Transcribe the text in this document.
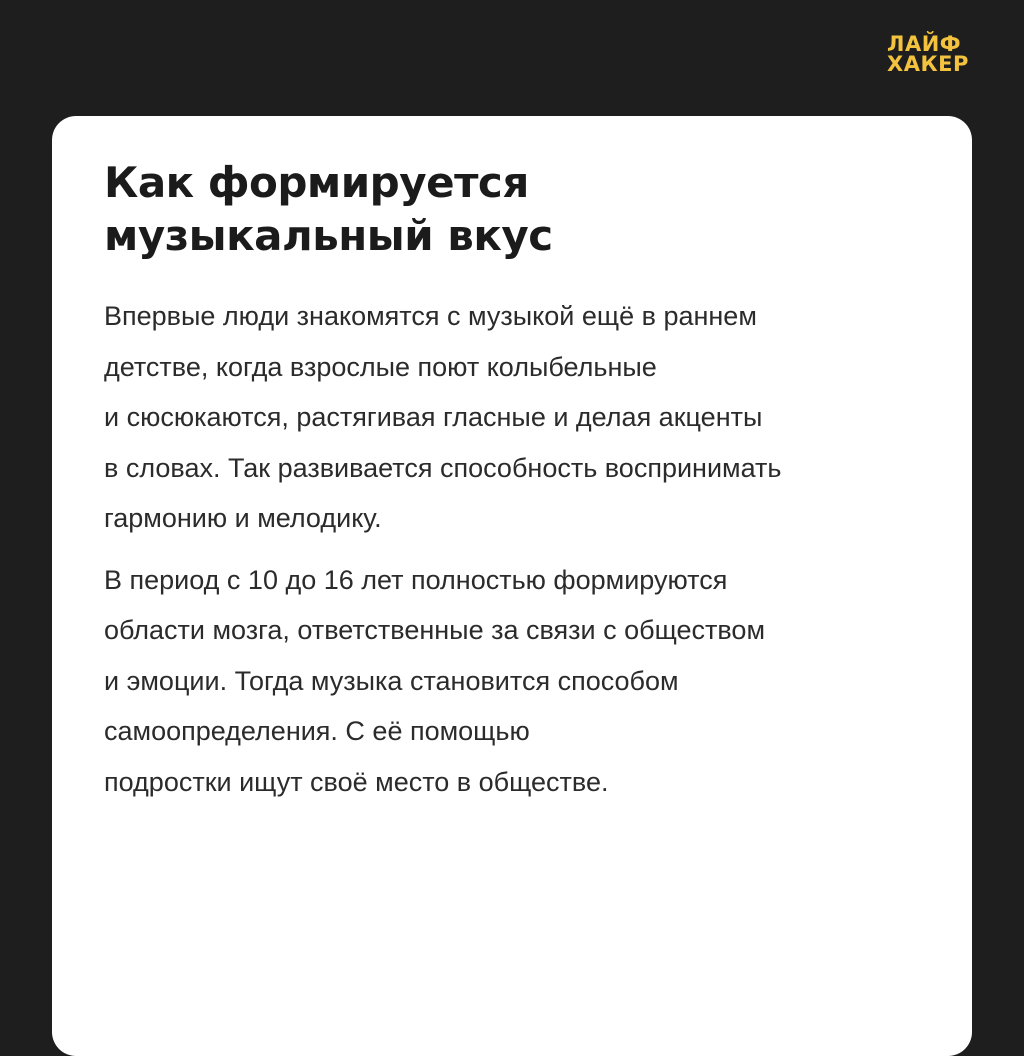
ЛАЙФ
ХАКЕР
Как формируется
музыкальный вкус

Впервые люди знакомятся с музыкой ещё в раннем
детстве, когда взрослые поют колыбельные
и сюсюкаются, растягивая гласные и делая акценты
в словах. Так развивается способность воспринимать
гармонию и мелодику.

В период с 10 до 16 лет полностью формируются
области мозга, ответственные за связи с обществом
и эмоции. Тогда музыка становится способом
самоопределения. С её помощью
подростки ищут своё место в обществе.
